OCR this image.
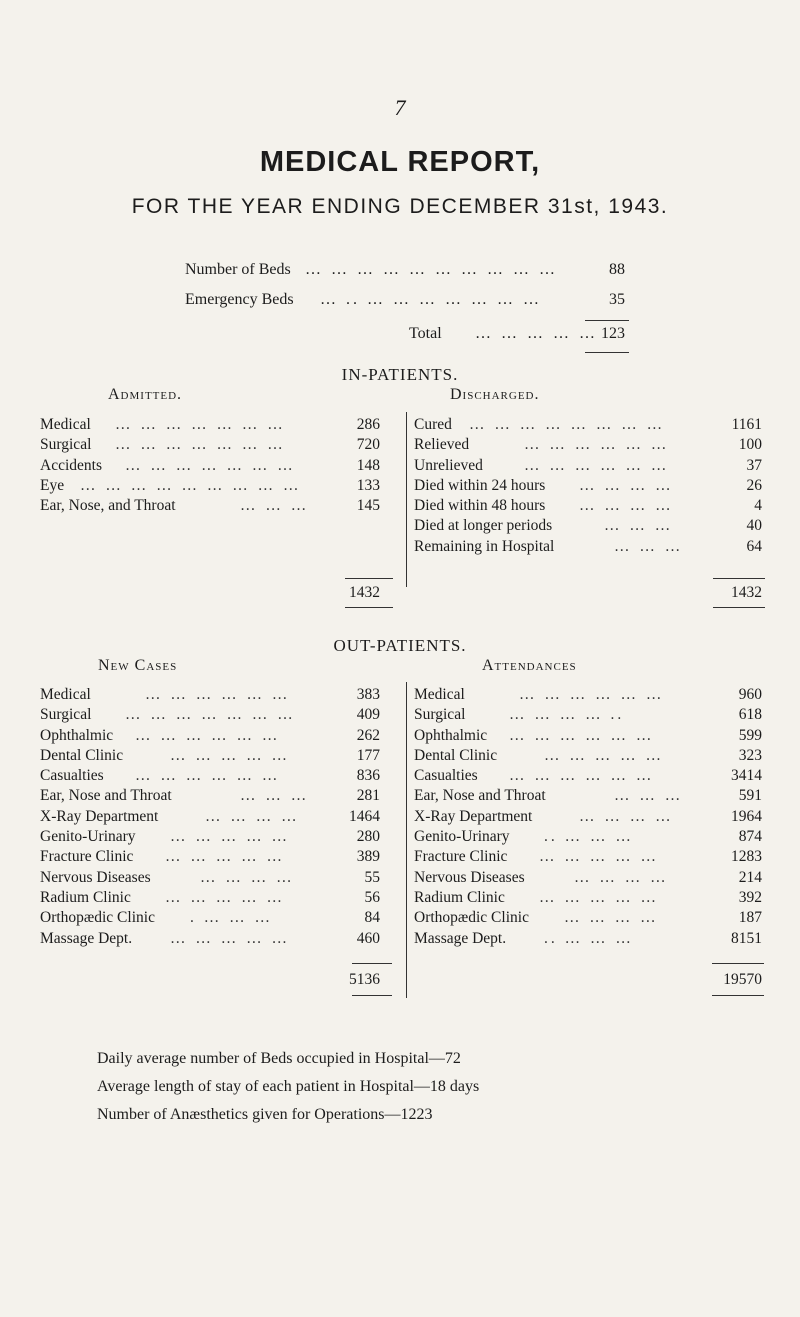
7
MEDICAL REPORT,
FOR THE YEAR ENDING DECEMBER 31st, 1943.
Number of Beds … … … … … … … … … …	88
Emergency Beds … .. … … … … … … …	35
Total … … … … … 123
IN-PATIENTS.
Admitted.	Discharged.
Medical … … … … … … …	286
Surgical … … … … … … …	720
Accidents … … … … … … …	148
Eye … … … … … … … … …	133
Ear, Nose, and Throat	… … …	145
1432
Cured … … … … … … … …	1161
Relieved	… … … … … …	100
Unrelieved	… … … … … …	37
Died within 24 hours … … … …	26
Died within 48 hours … … … …	4
Died at longer periods	… … …	40
Remaining in Hospital	… … …	64
1432
OUT-PATIENTS.
New Cases	Attendances
Medical	… … … … … …	383
Surgical … … … … … … …	409
Ophthalmic … … … … … …	262
Dental Clinic	… … … … …	177
Casualties … … … … … …	836
Ear, Nose and Throat	… … …	281
X-Ray Department	… … … …	1464
Genito-Urinary … … … … …	280
Fracture Clinic … … … … …	389
Nervous Diseases	… … … …	55
Radium Clinic … … … … …	56
Orthopædic Clinic . … … …	84
Massage Dept. … … … … …	460
5136
Medical	… … … … … …	960
Surgical	… … … … ..	618
Ophthalmic … … … … … …	599
Dental Clinic	… … … … …	323
Casualties … … … … … …	3414
Ear, Nose and Throat	… … …	591
X-Ray Department	… … … …	1964
Genito-Urinary .. … … …	874
Fracture Clinic … … … … …	1283
Nervous Diseases	… … … …	214
Radium Clinic … … … … …	392
Orthopædic Clinic … … … …	187
Massage Dept. .. … … …	8151
19570
Daily average number of Beds occupied in Hospital—72
Average length of stay of each patient in Hospital—18 days
Number of Anæsthetics given for Operations—1223
